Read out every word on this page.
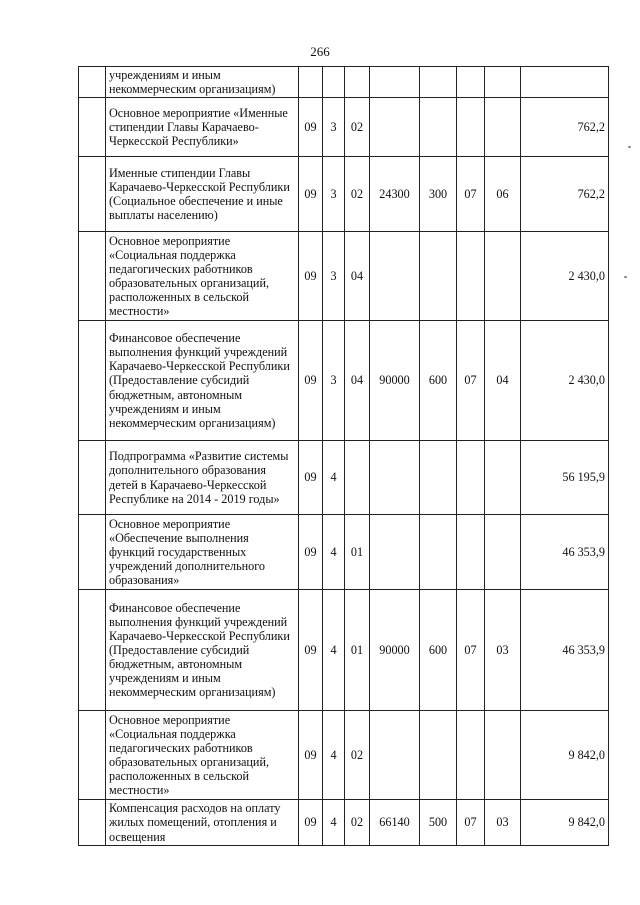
266
	учреждениям и иным некоммерческим организациям)								
	Основное мероприятие «Именные стипендии Главы Карачаево-Черкесской Республики»	09	3	02					762,2
	Именные стипендии Главы Карачаево-Черкесской Республики (Социальное обеспечение и иные выплаты населению)	09	3	02	24300	300	07	06	762,2
	Основное мероприятие «Социальная поддержка педагогических работников образовательных организаций, расположенных в сельской местности»	09	3	04					2 430,0
	Финансовое обеспечение выполнения функций учреждений Карачаево-Черкесской Республики (Предоставление субсидий бюджетным, автономным учреждениям и иным некоммерческим организациям)	09	3	04	90000	600	07	04	2 430,0
	Подпрограмма «Развитие системы дополнительного образования детей в Карачаево-Черкесской Республике на 2014 - 2019 годы»	09	4						56 195,9
	Основное мероприятие «Обеспечение выполнения функций государственных учреждений дополнительного образования»	09	4	01					46 353,9
	Финансовое обеспечение выполнения функций учреждений Карачаево-Черкесской Республики (Предоставление субсидий бюджетным, автономным учреждениям и иным некоммерческим организациям)	09	4	01	90000	600	07	03	46 353,9
	Основное мероприятие «Социальная поддержка педагогических работников образовательных организаций, расположенных в сельской местности»	09	4	02					9 842,0
	Компенсация расходов на оплату жилых помещений, отопления и освещения	09	4	02	66140	500	07	03	9 842,0
